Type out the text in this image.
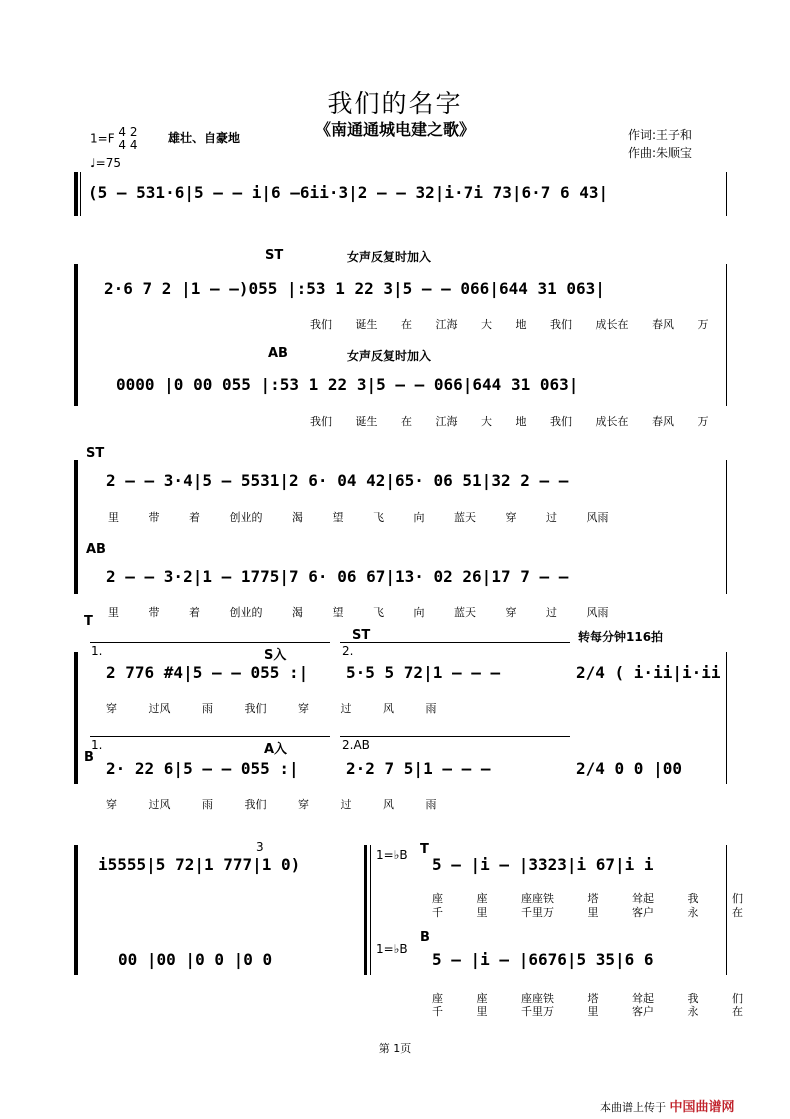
我们的名字
《南通通城电建之歌》
1=F 4
4 2
4	雄壮、自豪地
♩=75
作词:王子和
作曲:朱顺宝
(5 – 531·6|5 – – i|6 –6ii·3|2 – – 32|i·7i 73|6·7 6 43|
ST	女声反复时加入
2·6 7 2 |1 – –)055 |:53 1 22 3|5 – – 066|644 31 063|
我们 诞生 在 江海 大 地 我们 成长在 春风 万
AB	女声反复时加入
0000 |0 00 055 |:53 1 22 3|5 – – 066|644 31 063|
我们 诞生 在 江海 大 地 我们 成长在 春风 万
ST
2 – – 3·4|5 – 5531|2 6· 04 42|65· 06 51|32 2 – –
里	带	着	创业的	渴	望	飞	向	蓝天	穿	过	风雨
AB
2 – – 3·2|1 – 1775|7 6· 06 67|13· 02 26|17 7 – –
里	带	着	创业的	渴	望	飞	向	蓝天	穿	过	风雨
T
1.	2.
ST
S入
转每分钟116拍
2 776 #4|5 – – 055 :| 5·5 5 72|1 – – –	2/4 ( i·ii|i·ii
穿	过风	雨	我们	穿	过	风	雨
B
1.	2.AB
A入
2· 22 6|5 – – 055 :|	2·2 7 5|1 – – –	2/4 0 0 |00
穿	过风	雨	我们	穿	过	风	雨
i5555|5 72|1 777|1 0)
3
1=♭B T
5 – |i – |3323|i 67|i i
座	座	座座铁	塔	耸起	我	们
千	里	千里万	里	客户	永	在
00 |00 |0 0 |0 0
1=♭B
B
5 – |i – |6676|5 35|6 6
座	座	座座铁	塔	耸起	我	们
千	里	千里万	里	客户	永	在
第 1页
本曲谱上传于 中国曲谱网
